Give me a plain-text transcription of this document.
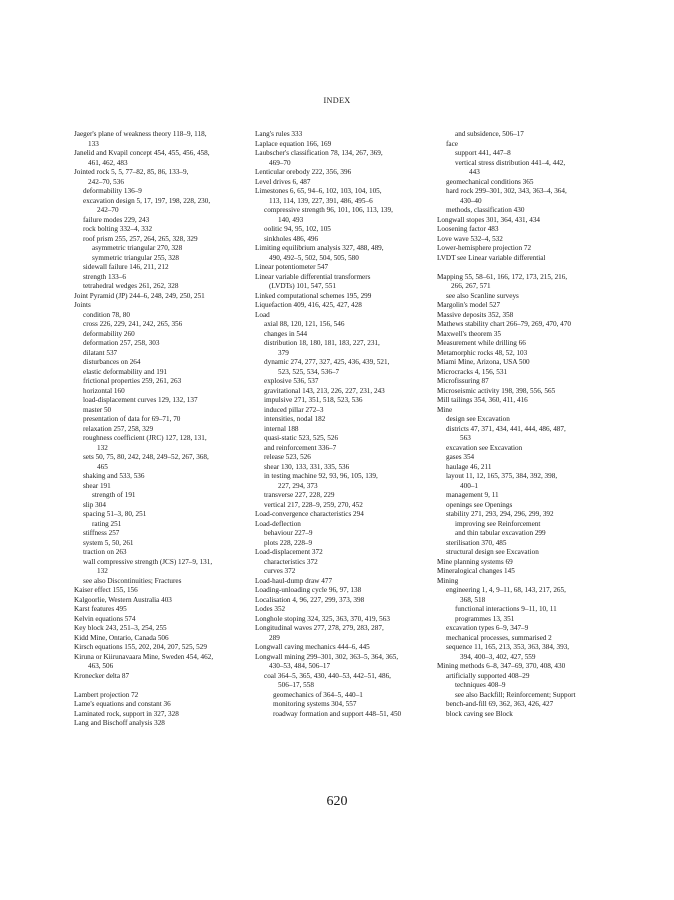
INDEX
Jaeger's plane of weakness theory 118–9, 118,
133
Janelid and Kvapil concept 454, 455, 456, 458,
461, 462, 483
Jointed rock 5, 5, 77–82, 85, 86, 133–9,
242–70, 536
deformability 136–9
excavation design 5, 17, 197, 198, 228, 230,
242–70
failure modes 229, 243
rock bolting 332–4, 332
roof prism 255, 257, 264, 265, 328, 329
asymmetric triangular 270, 328
symmetric triangular 255, 328
sidewall failure 146, 211, 212
strength 133–6
tetrahedral wedges 261, 262, 328
Joint Pyramid (JP) 244–6, 248, 249, 250, 251
Joints
condition 78, 80
cross 226, 229, 241, 242, 265, 356
deformability 260
deformation 257, 258, 303
dilatant 537
disturbances on 264
elastic deformability and 191
frictional properties 259, 261, 263
horizontal 160
load-displacement curves 129, 132, 137
master 50
presentation of data for 69–71, 70
relaxation 257, 258, 329
roughness coefficient (JRC) 127, 128, 131,
132
sets 50, 75, 80, 242, 248, 249–52, 267, 368,
465
shaking and 533, 536
shear 191
strength of 191
slip 304
spacing 51–3, 80, 251
rating 251
stiffness 257
system 5, 50, 261
traction on 263
wall compressive strength (JCS) 127–9, 131,
132
see also Discontinuities; Fractures
Kaiser effect 155, 156
Kalgoorlie, Western Australia 403
Karst features 495
Kelvin equations 574
Key block 243, 251–3, 254, 255
Kidd Mine, Ontario, Canada 506
Kirsch equations 155, 202, 204, 207, 525, 529
Kiruna or Kiirunavaara Mine, Sweden 454, 462,
463, 506
Kronecker delta 87
Lambert projection 72
Lame's equations and constant 36
Laminated rock, support in 327, 328
Lang and Bischoff analysis 328
Lang's rules 333
Laplace equation 166, 169
Laubscher's classification 78, 134, 267, 369,
469–70
Lenticular orebody 222, 356, 396
Level drives 6, 487
Limestones 6, 65, 94–6, 102, 103, 104, 105,
113, 114, 139, 227, 391, 486, 495–6
compressive strength 96, 101, 106, 113, 139,
140, 493
oolitic 94, 95, 102, 105
sinkholes 486, 496
Limiting equilibrium analysis 327, 488, 489,
490, 492–5, 502, 504, 505, 580
Linear potentiometer 547
Linear variable differential transformers
(LVDTs) 101, 547, 551
Linked computational schemes 195, 299
Liquefaction 409, 416, 425, 427, 428
Load
axial 88, 120, 121, 156, 546
changes in 544
distribution 18, 180, 181, 183, 227, 231,
379
dynamic 274, 277, 327, 425, 436, 439, 521,
523, 525, 534, 536–7
explosive 536, 537
gravitational 143, 213, 226, 227, 231, 243
impulsive 271, 351, 518, 523, 536
induced pillar 272–3
intensities, nodal 182
internal 188
quasi-static 523, 525, 526
and reinforcement 336–7
release 523, 526
shear 130, 133, 331, 335, 536
in testing machine 92, 93, 96, 105, 139,
227, 294, 373
transverse 227, 228, 229
vertical 217, 228–9, 259, 270, 452
Load-convergence characteristics 294
Load-deflection
behaviour 227–9
plots 228, 228–9
Load-displacement 372
characteristics 372
curves 372
Load-haul-dump draw 477
Loading-unloading cycle 96, 97, 138
Localisation 4, 96, 227, 299, 373, 398
Lodes 352
Longhole stoping 324, 325, 363, 370, 419, 563
Longitudinal waves 277, 278, 279, 283, 287,
289
Longwall caving mechanics 444–6, 445
Longwall mining 299–301, 302, 363–5, 364, 365,
430–53, 484, 506–17
coal 364–5, 365, 430, 440–53, 442–51, 486,
506–17, 558
geomechanics of 364–5, 440–1
monitoring systems 304, 557
roadway formation and support 448–51, 450
and subsidence, 506–17
face
support 441, 447–8
vertical stress distribution 441–4, 442,
443
geomechanical conditions 365
hard rock 299–301, 302, 343, 363–4, 364,
430–40
methods, classification 430
Longwall stopes 301, 364, 431, 434
Loosening factor 483
Love wave 532–4, 532
Lower-hemisphere projection 72
LVDT see Linear variable differential
Mapping 55, 58–61, 166, 172, 173, 215, 216,
266, 267, 571
see also Scanline surveys
Margolin's model 527
Massive deposits 352, 358
Mathews stability chart 266–79, 269, 470, 470
Maxwell's theorem 35
Measurement while drilling 66
Metamorphic rocks 48, 52, 103
Miami Mine, Arizona, USA 500
Microcracks 4, 156, 531
Microfissuring 87
Microseismic activity 198, 398, 556, 565
Mill tailings 354, 360, 411, 416
Mine
design see Excavation
districts 47, 371, 434, 441, 444, 486, 487,
563
excavation see Excavation
gases 354
haulage 46, 211
layout 11, 12, 165, 375, 384, 392, 398,
400–1
management 9, 11
openings see Openings
stability 271, 293, 294, 296, 299, 392
improving see Reinforcement
and thin tabular excavation 299
sterilisation 370, 485
structural design see Excavation
Mine planning systems 69
Mineralogical changes 145
Mining
engineering 1, 4, 9–11, 68, 143, 217, 265,
368, 518
functional interactions 9–11, 10, 11
programmes 13, 351
excavation types 6–9, 347–9
mechanical processes, summarised 2
sequence 11, 165, 213, 353, 363, 384, 393,
394, 400–3, 402, 427, 559
Mining methods 6–8, 347–69, 370, 408, 430
artificially supported 408–29
techniques 408–9
see also Backfill; Reinforcement; Support
bench-and-fill 69, 362, 363, 426, 427
block caving see Block
620
